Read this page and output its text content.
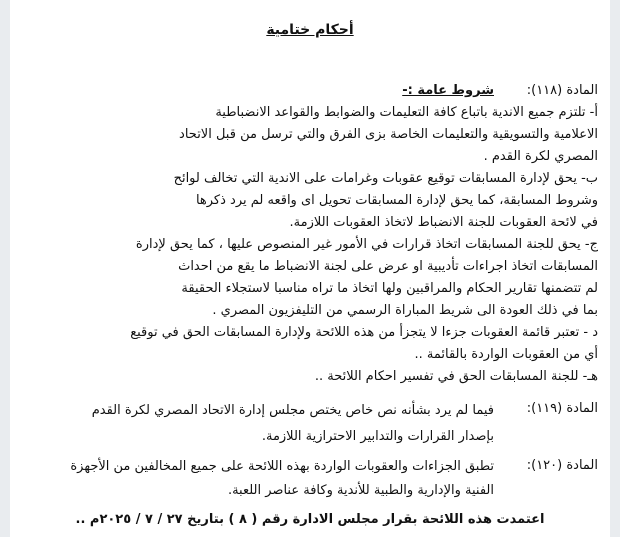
أحكام ختامية
المادة (١١٨):
شروط عامة :-
أ- تلتزم جميع الاندية باتباع كافة التعليمات والضوابط والقواعد الانضباطية
الاعلامية والتسويقية والتعليمات الخاصة بزى الفرق والتي ترسل من قبل الاتحاد
المصري لكرة القدم .
ب- يحق لإدارة المسابقات توقيع عقوبات وغرامات على الاندية التي تخالف لوائح
وشروط المسابقة، كما يحق لإدارة المسابقات تحويل اى واقعه لم يرد ذكرها
في لائحة العقوبات للجنة الانضباط لاتخاذ العقوبات اللازمة.
ج- يحق للجنة المسابقات اتخاذ قرارات في الأمور غير المنصوص عليها ، كما يحق لإدارة
المسابقات اتخاذ اجراءات تأديبية او عرض على لجنة الانضباط ما يقع من احداث
لم تتضمنها تقارير الحكام والمراقبين ولها اتخاذ ما تراه مناسبا لاستجلاء الحقيقة
بما في ذلك العودة الى شريط المباراة الرسمي من التليفزيون المصري .
د - تعتبر قائمة العقوبات جزءا لا يتجزأ من هذه اللائحة ولإدارة المسابقات الحق في توقيع
أي من العقوبات الواردة بالقائمة ..
هـ- للجنة المسابقات الحق في تفسير احكام اللائحة ..
المادة (١١٩):
فيما لم يرد بشأنه نص خاص يختص مجلس إدارة الاتحاد المصري لكرة القدم
بإصدار القرارات والتدابير الاحترازية اللازمة.
المادة (١٢٠):
تطبق الجزاءات والعقوبات الواردة بهذه اللائحة على جميع المخالفين من الأجهزة
الفنية والإدارية والطبية للأندية وكافة عناصر اللعبة.
اعتمدت هذه اللائحة بقرار مجلس الادارة رقم ( ٨ ) بتاريخ ٢٧ / ٧ / ٢٠٢٥م ..
